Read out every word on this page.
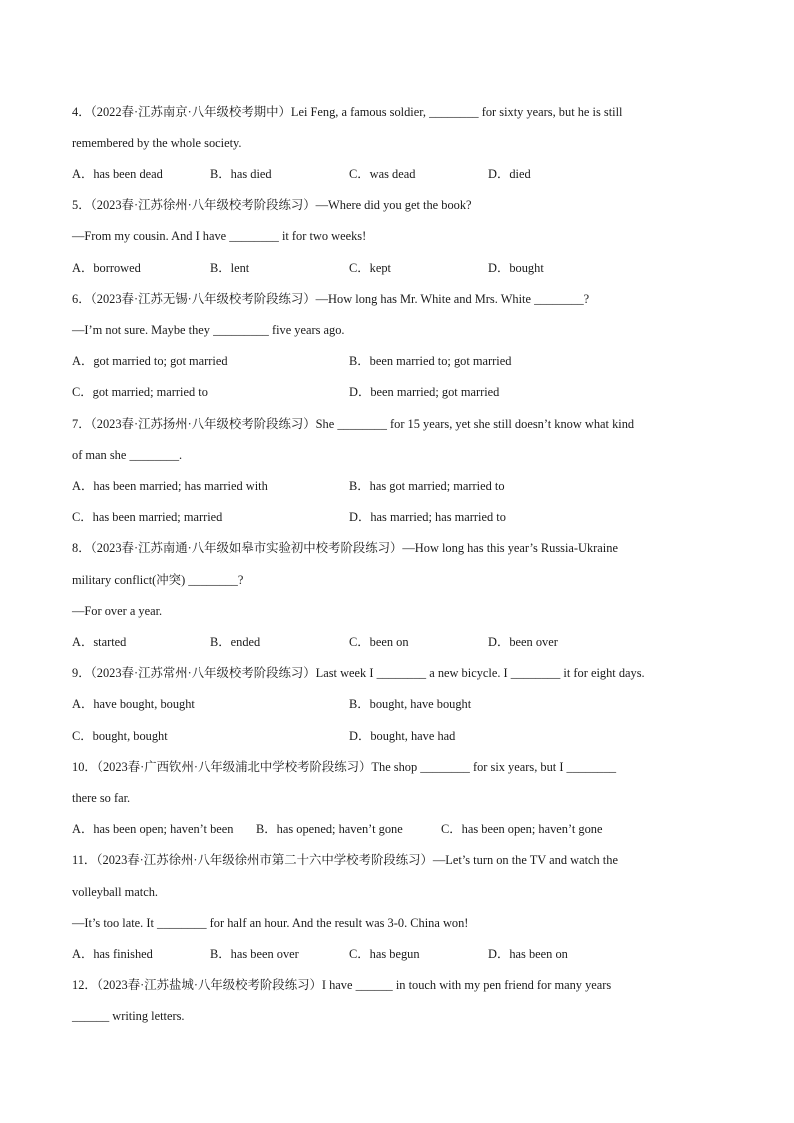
4．（2022春·江苏南京·八年级校考期中）Lei Feng, a famous soldier, ________ for sixty years, but he is still
remembered by the whole society.
A．has been dead	B．has died	C．was dead	D．died
5．（2023春·江苏徐州·八年级校考阶段练习）—Where did you get the book?
—From my cousin. And I have ________ it for two weeks!
A．borrowed	B．lent	C．kept	D．bought
6．（2023春·江苏无锡·八年级校考阶段练习）—How long has Mr. White and Mrs. White ________?
—I’m not sure. Maybe they _________ five years ago.
A．got married to; got married	B．been married to; got married
C．got married; married to	D．been married; got married
7．（2023春·江苏扬州·八年级校考阶段练习）She ________ for 15 years, yet she still doesn’t know what kind
of man she ________.
A．has been married; has married with	B．has got married; married to
C．has been married; married	D．has married; has married to
8．（2023春·江苏南通·八年级如皋市实验初中校考阶段练习）—How long has this year’s Russia-Ukraine
military conflict(冲突) ________?
—For over a year.
A．started	B．ended	C．been on	D．been over
9．（2023春·江苏常州·八年级校考阶段练习）Last week I ________ a new bicycle. I ________ it for eight days.
A．have bought, bought	B．bought, have bought
C．bought, bought	D．bought, have had
10．（2023春·广西钦州·八年级浦北中学校考阶段练习）The shop ________ for six years, but I ________
there so far.
A．has been open; haven’t been B．has opened; haven’t gone	C．has been open; haven’t gone
11．（2023春·江苏徐州·八年级徐州市第二十六中学校考阶段练习）—Let’s turn on the TV and watch the
volleyball match.
—It’s too late. It ________ for half an hour. And the result was 3-0. China won!
A．has finished	B．has been over	C．has begun	D．has been on
12．（2023春·江苏盐城·八年级校考阶段练习）I have ______ in touch with my pen friend for many years
______ writing letters.
